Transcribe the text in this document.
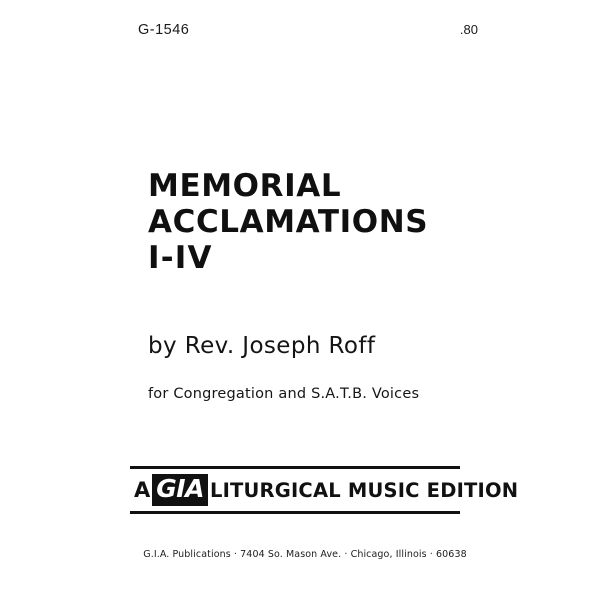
G-1546	.80
MEMORIAL
ACCLAMATIONS
I-IV
by Rev. Joseph Roff
for Congregation and S.A.T.B. Voices
A GIA LITURGICAL MUSIC EDITION
G.I.A. Publications · 7404 So. Mason Ave. · Chicago, Illinois · 60638
